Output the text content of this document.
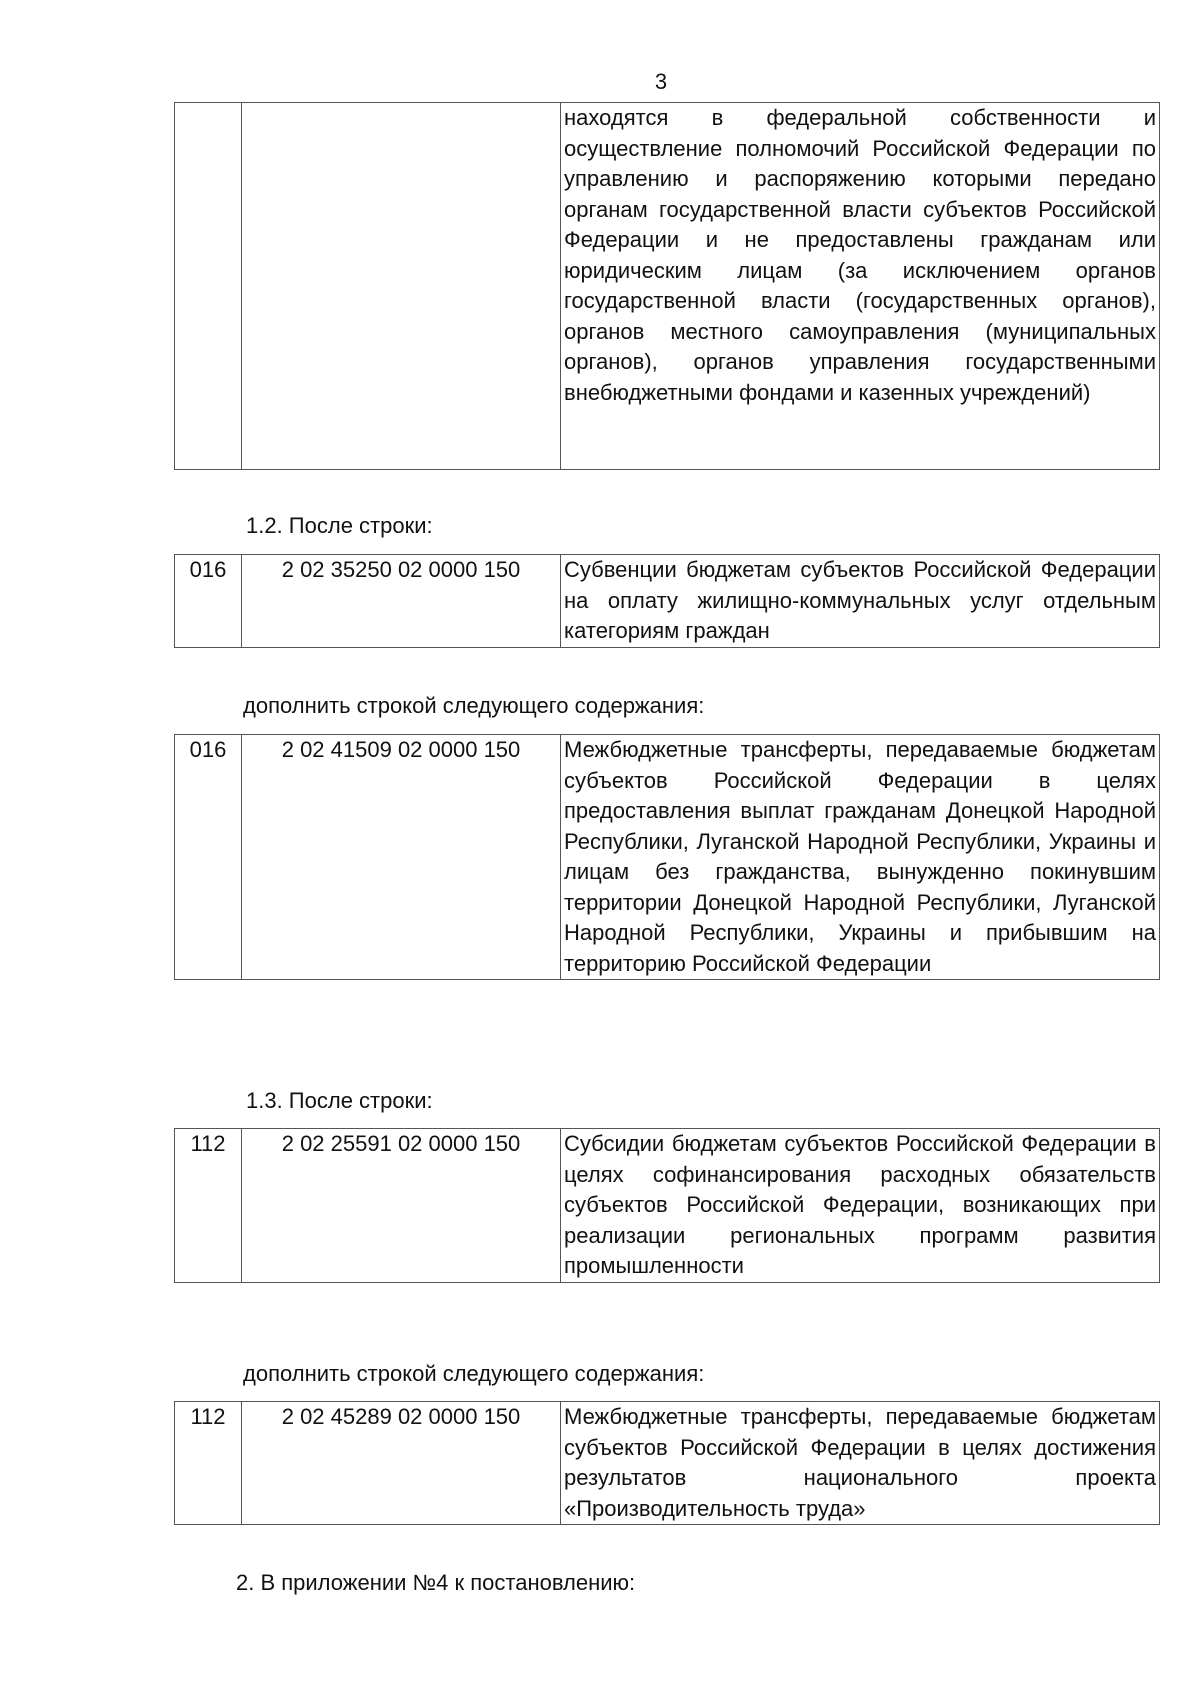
3
		находятся в федеральной собственности и осуществление полномочий Российской Федерации по управлению и распоряжению которыми передано органам государственной власти субъектов Российской Федерации и не предоставлены гражданам или юридическим лицам (за исключением органов государственной власти (государственных органов), органов местного самоуправления (муниципальных органов), органов управления государственными внебюджетными фондами и казенных учреждений)
1.2. После строки:
016	2 02 35250 02 0000 150	Субвенции бюджетам субъектов Российской Федерации на оплату жилищно-коммунальных услуг отдельным категориям граждан
дополнить строкой следующего содержания:
016	2 02 41509 02 0000 150	Межбюджетные трансферты, передаваемые бюджетам субъектов Российской Федерации в целях предоставления выплат гражданам Донецкой Народной Республики, Луганской Народной Республики, Украины и лицам без гражданства, вынужденно покинувшим территории Донецкой Народной Республики, Луганской Народной Республики, Украины и прибывшим на территорию Российской Федерации
1.3. После строки:
112	2 02 25591 02 0000 150	Субсидии бюджетам субъектов Российской Федерации в целях софинансирования расходных обязательств субъектов Российской Федерации, возникающих при реализации региональных программ развития промышленности
дополнить строкой следующего содержания:
112	2 02 45289 02 0000 150	Межбюджетные трансферты, передаваемые бюджетам субъектов Российской Федерации в целях достижения результатов национального проекта «Производительность труда»
2. В приложении №4 к постановлению:
